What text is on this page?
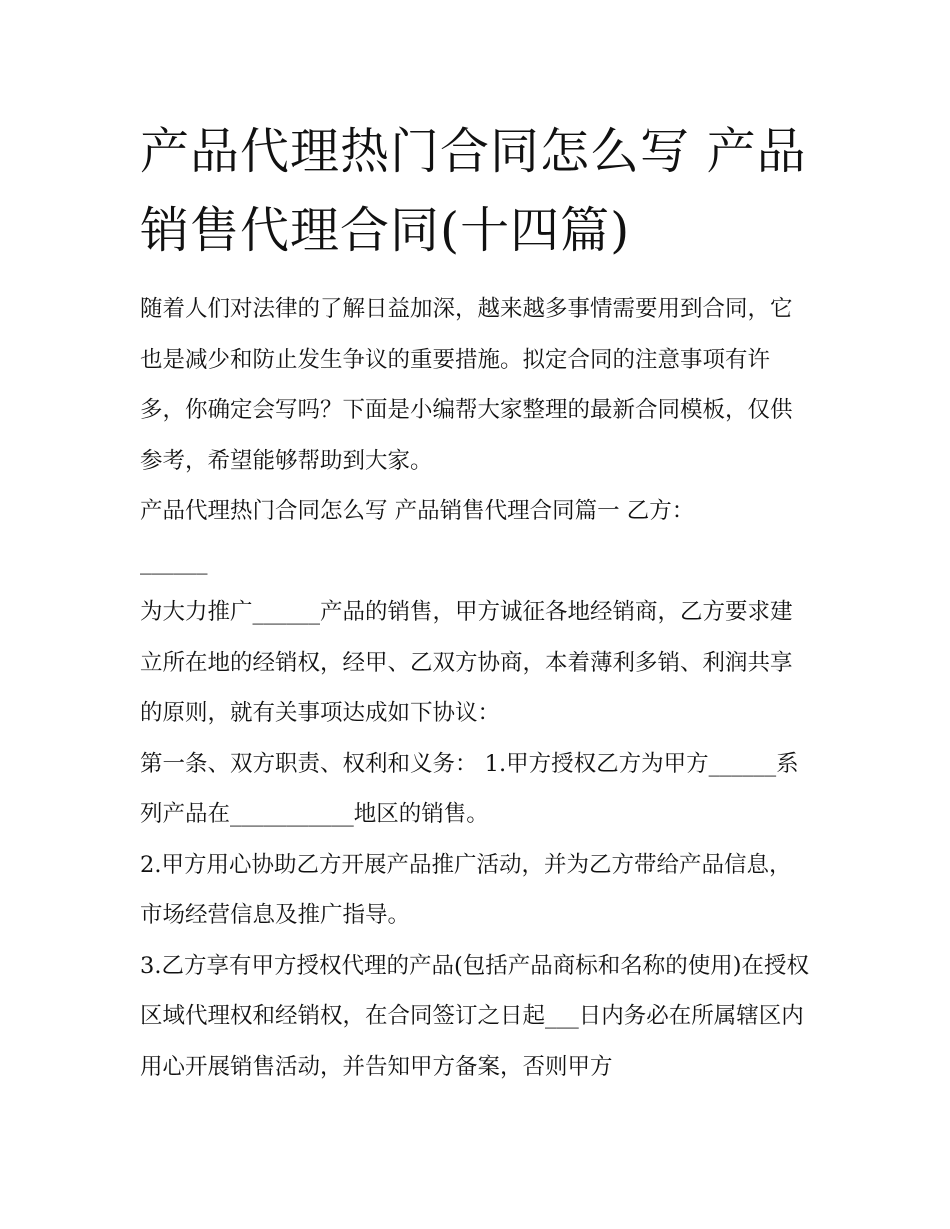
产品代理热门合同怎么写 产品销售代理合同(十四篇)

随着人们对法律的了解日益加深，越来越多事情需要用到合同，它也是减少和防止发生争议的重要措施。拟定合同的注意事项有许多，你确定会写吗？下面是小编帮大家整理的最新合同模板，仅供参考，希望能够帮助到大家。

产品代理热门合同怎么写 产品销售代理合同篇一 乙方：

______

为大力推广______产品的销售，甲方诚征各地经销商，乙方要求建立所在地的经销权，经甲、乙双方协商，本着薄利多销、利润共享的原则，就有关事项达成如下协议：

第一条、双方职责、权利和义务： 1.甲方授权乙方为甲方______系列产品在___________地区的销售。

2.甲方用心协助乙方开展产品推广活动，并为乙方带给产品信息，市场经营信息及推广指导。

3.乙方享有甲方授权代理的产品(包括产品商标和名称的使用)在授权区域代理权和经销权，在合同签订之日起___日内务必在所属辖区内用心开展销售活动，并告知甲方备案，否则甲方
